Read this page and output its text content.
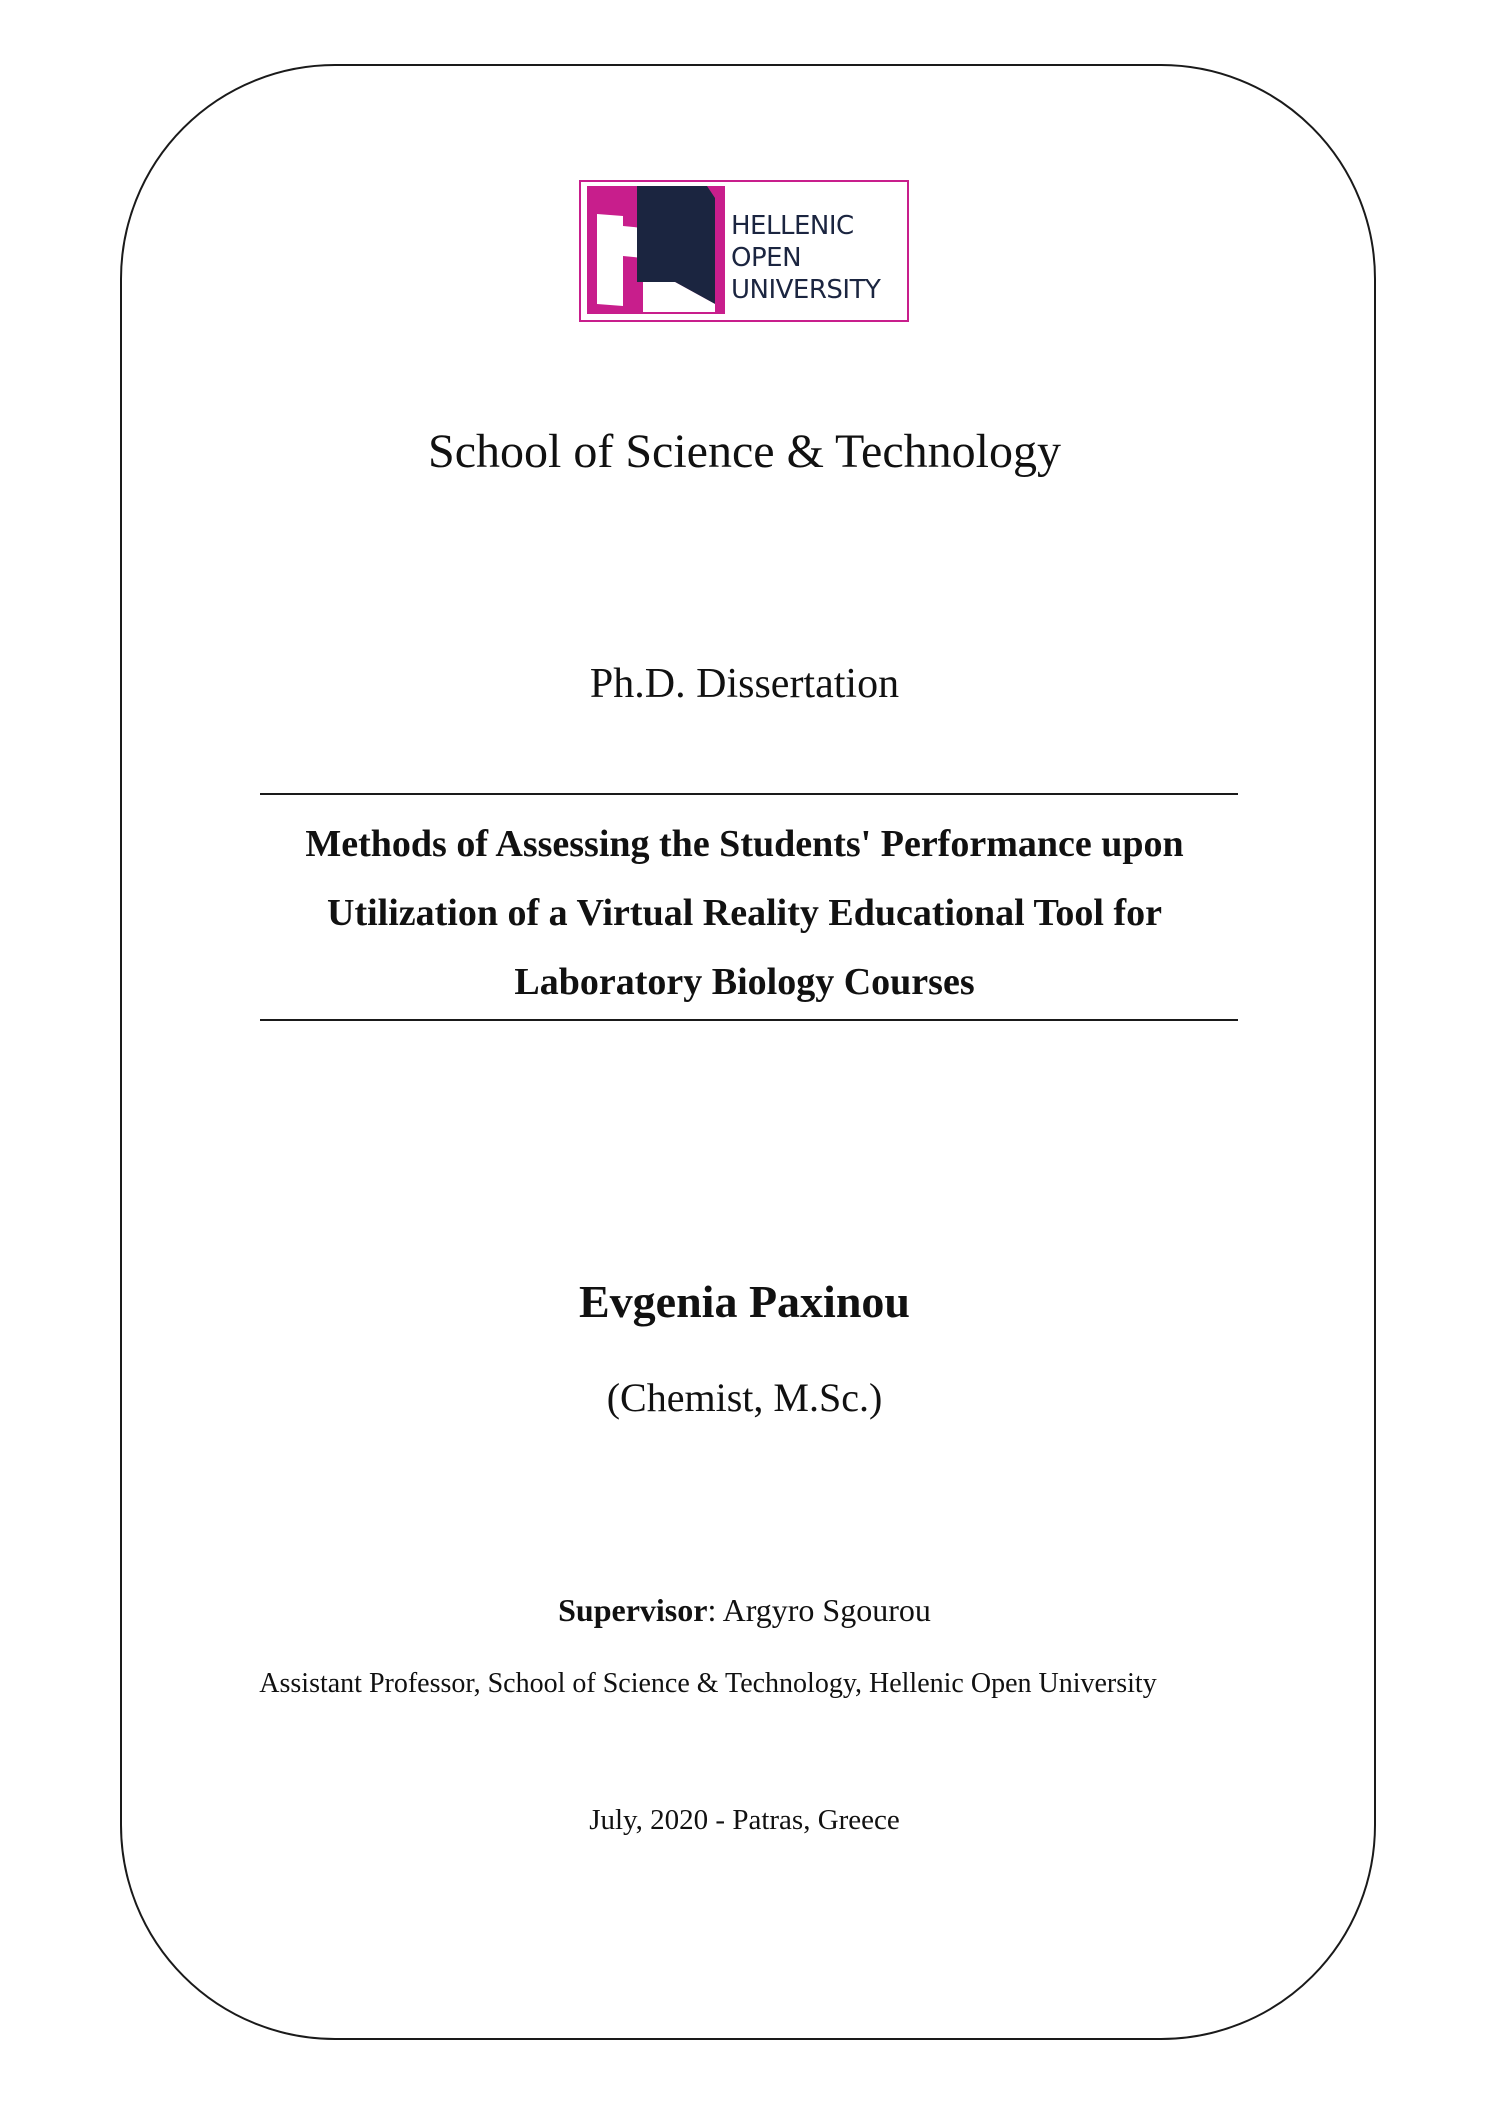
HELLENIC
OPEN
UNIVERSITY
School of Science & Technology
Ph.D. Dissertation
Methods of Assessing the Students' Performance upon
Utilization of a Virtual Reality Educational Tool for
Laboratory Biology Courses
Evgenia Paxinou
(Chemist, M.Sc.)
Supervisor: Argyro Sgourou
Assistant Professor, School of Science & Technology, Hellenic Open University
July, 2020 - Patras, Greece
